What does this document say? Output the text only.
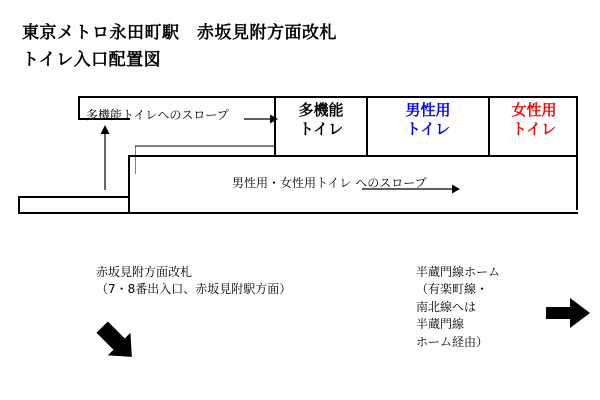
東京メトロ永田町駅　赤坂見附方面改札
トイレ入口配置図
多機能
トイレ
男性用
トイレ
女性用
トイレ
多機能トイレへのスロープ
男性用・女性用トイレ へのスロープ
赤坂見附方面改札
（7・8番出入口、赤坂見附駅方面）
半蔵門線ホーム
（有楽町線・
南北線へは
半蔵門線
ホーム経由）
